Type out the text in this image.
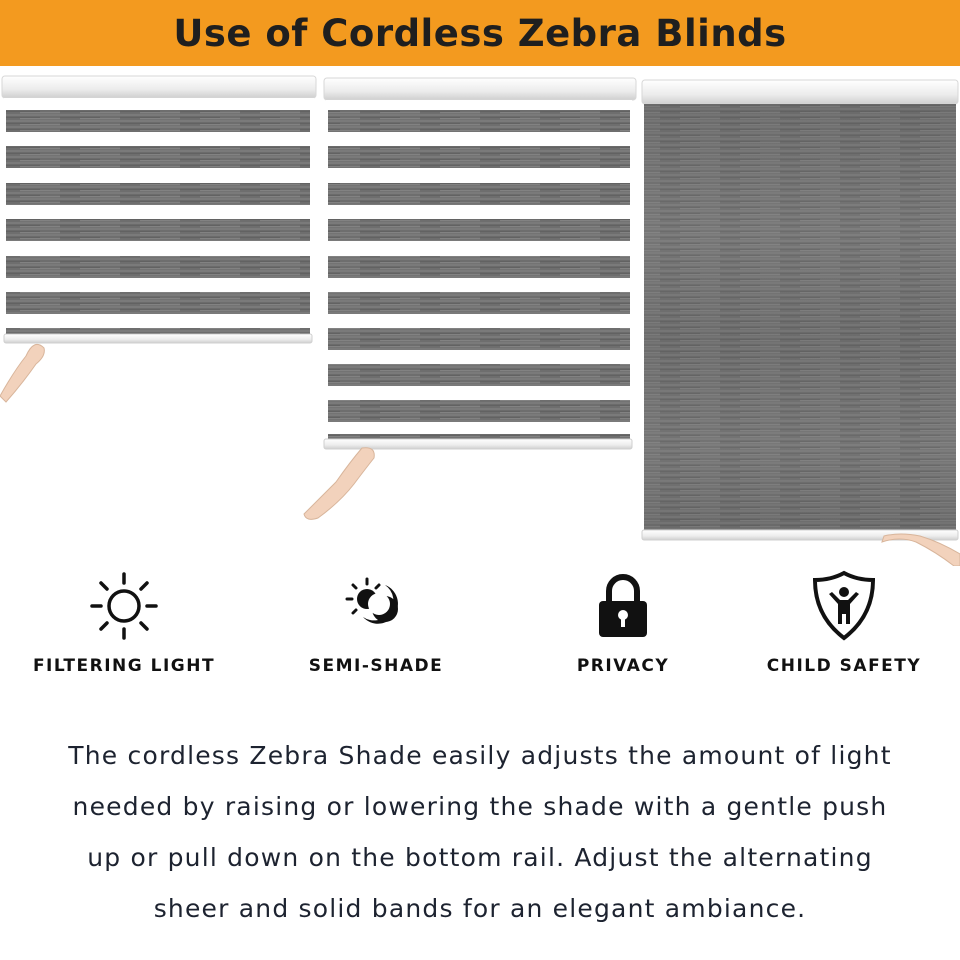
Use of Cordless Zebra Blinds
FILTERING LIGHT	SEMI-SHADE	PRIVACY	CHILD SAFETY
The cordless Zebra Shade easily adjusts the amount of light
needed by raising or lowering the shade with a gentle push
up or pull down on the bottom rail. Adjust the alternating
sheer and solid bands for an elegant ambiance.
